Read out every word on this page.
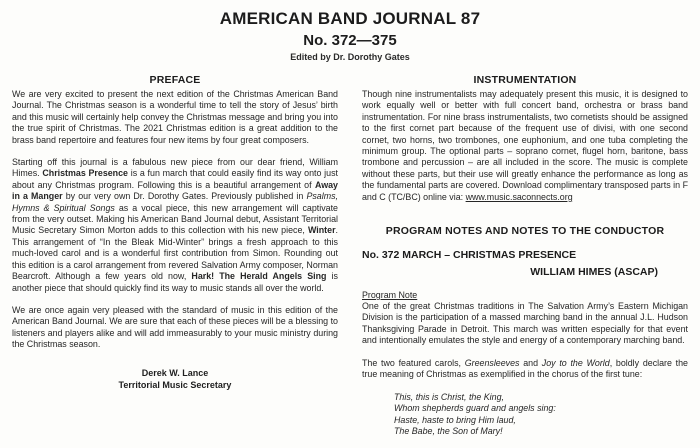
AMERICAN BAND JOURNAL 87
No. 372—375
Edited by Dr. Dorothy Gates
PREFACE

We are very excited to present the next edition of the Christmas American Band Journal. The Christmas season is a wonderful time to tell the story of Jesus’ birth and this music will certainly help convey the Christmas message and bring you into the true spirit of Christmas. The 2021 Christmas edition is a great addition to the brass band repertoire and features four new items by four great composers.

Starting off this journal is a fabulous new piece from our dear friend, William Himes. Christmas Presence is a fun march that could easily find its way onto just about any Christmas program. Following this is a beautiful arrangement of Away in a Manger by our very own Dr. Dorothy Gates. Previously published in Psalms, Hymns & Spiritual Songs as a vocal piece, this new arrangement will captivate from the very outset. Making his American Band Journal debut, Assistant Territorial Music Secretary Simon Morton adds to this collection with his new piece, Winter. This arrangement of “In the Bleak Mid-Winter” brings a fresh approach to this much-loved carol and is a wonderful first contribution from Simon. Rounding out this edition is a carol arrangement from revered Salvation Army composer, Norman Bearcroft. Although a few years old now, Hark! The Herald Angels Sing is another piece that should quickly find its way to music stands all over the world.

We are once again very pleased with the standard of music in this edition of the American Band Journal. We are sure that each of these pieces will be a blessing to listeners and players alike and will add immeasurably to your music ministry during the Christmas season.

Derek W. Lance
Territorial Music Secretary
INSTRUMENTATION

Though nine instrumentalists may adequately present this music, it is designed to work equally well or better with full concert band, orchestra or brass band instrumentation. For nine brass instrumentalists, two cornetists should be assigned to the first cornet part because of the frequent use of divisi, with one second cornet, two horns, two trombones, one euphonium, and one tuba completing the minimum group. The optional parts – soprano cornet, flugel horn, baritone, bass trombone and percussion – are all included in the score. The music is complete without these parts, but their use will greatly enhance the performance as long as the fundamental parts are covered. Download complimentary transposed parts in F and C (TC/BC) online via: www.music.saconnects.org

PROGRAM NOTES AND NOTES TO THE CONDUCTOR
No. 372 MARCH – CHRISTMAS PRESENCE
WILLIAM HIMES (ASCAP)
Program Note

One of the great Christmas traditions in The Salvation Army’s Eastern Michigan Division is the participation of a massed marching band in the annual J.L. Hudson Thanksgiving Parade in Detroit. This march was written especially for that event and intentionally emulates the style and energy of a contemporary marching band.

The two featured carols, Greensleeves and Joy to the World, boldly declare the true meaning of Christmas as exemplified in the chorus of the first tune:

This, this is Christ, the King,
Whom shepherds guard and angels sing:
Haste, haste to bring Him laud,
The Babe, the Son of Mary!
